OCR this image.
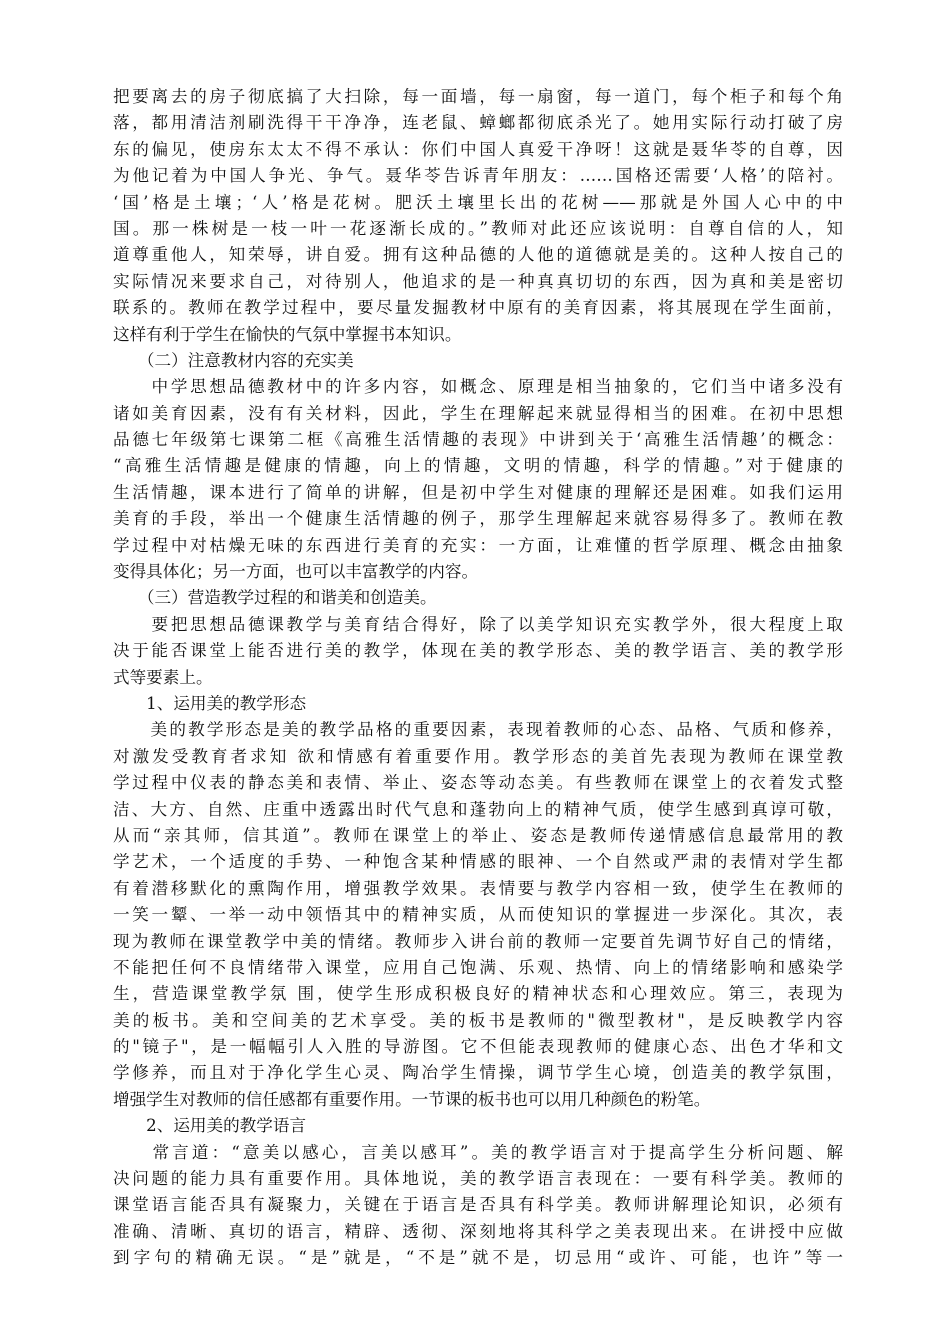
把要离去的房子彻底搞了大扫除，每一面墙，每一扇窗，每一道门，每个柜子和每个角
落，都用清洁剂刷洗得干干净净，连老鼠、蟑螂都彻底杀光了。她用实际行动打破了房
东的偏见，使房东太太不得不承认：你们中国人真爱干净呀！这就是聂华苓的自尊，因
为他记着为中国人争光、争气。聂华苓告诉青年朋友：……国格还需要‘人格’的陪衬。
‘国’格是土壤；‘人’格是花树。肥沃土壤里长出的花树——那就是外国人心中的中
国。那一株树是一枝一叶一花逐渐长成的。”教师对此还应该说明：自尊自信的人，知
道尊重他人，知荣辱，讲自爱。拥有这种品德的人他的道德就是美的。这种人按自己的
实际情况来要求自己，对待别人，他追求的是一种真真切切的东西，因为真和美是密切
联系的。教师在教学过程中，要尽量发掘教材中原有的美育因素，将其展现在学生面前，
这样有利于学生在愉快的气氛中掌握书本知识。
　　（二）注意教材内容的充实美
　　中学思想品德教材中的许多内容，如概念、原理是相当抽象的，它们当中诸多没有
诸如美育因素，没有有关材料，因此，学生在理解起来就显得相当的困难。在初中思想
品德七年级第七课第二框《高雅生活情趣的表现》中讲到关于‘高雅生活情趣’的概念：
“高雅生活情趣是健康的情趣，向上的情趣，文明的情趣，科学的情趣。”对于健康的
生活情趣，课本进行了简单的讲解，但是初中学生对健康的理解还是困难。如我们运用
美育的手段，举出一个健康生活情趣的例子，那学生理解起来就容易得多了。教师在教
学过程中对枯燥无味的东西进行美育的充实：一方面，让难懂的哲学原理、概念由抽象
变得具体化；另一方面，也可以丰富教学的内容。
　　（三）营造教学过程的和谐美和创造美。
　　要把思想品德课教学与美育结合得好，除了以美学知识充实教学外，很大程度上取
决于能否课堂上能否进行美的教学，体现在美的教学形态、美的教学语言、美的教学形
式等要素上。
　　1、运用美的教学形态
　　美的教学形态是美的教学品格的重要因素，表现着教师的心态、品格、气质和修养，
对激发受教育者求知 欲和情感有着重要作用。教学形态的美首先表现为教师在课堂教
学过程中仪表的静态美和表情、举止、姿态等动态美。有些教师在课堂上的衣着发式整
洁、大方、自然、庄重中透露出时代气息和蓬勃向上的精神气质，使学生感到真谆可敬，
从而“亲其师，信其道”。教师在课堂上的举止、姿态是教师传递情感信息最常用的教
学艺术，一个适度的手势、一种饱含某种情感的眼神、一个自然或严肃的表情对学生都
有着潜移默化的熏陶作用，增强教学效果。表情要与教学内容相一致，使学生在教师的
一笑一颦、一举一动中领悟其中的精神实质，从而使知识的掌握进一步深化。其次，表
现为教师在课堂教学中美的情绪。教师步入讲台前的教师一定要首先调节好自己的情绪，
不能把任何不良情绪带入课堂，应用自己饱满、乐观、热情、向上的情绪影响和感染学
生，营造课堂教学氛 围，使学生形成积极良好的精神状态和心理效应。第三，表现为
美的板书。美和空间美的艺术享受。美的板书是教师的"微型教材"，是反映教学内容
的"镜子"，是一幅幅引人入胜的导游图。它不但能表现教师的健康心态、出色才华和文
学修养，而且对于净化学生心灵、陶冶学生情操，调节学生心境，创造美的教学氛围，
增强学生对教师的信任感都有重要作用。一节课的板书也可以用几种颜色的粉笔。
　　2、运用美的教学语言
　　常言道：“意美以感心，言美以感耳”。美的教学语言对于提高学生分析问题、解
决问题的能力具有重要作用。具体地说，美的教学语言表现在：一要有科学美。教师的
课堂语言能否具有凝聚力，关键在于语言是否具有科学美。教师讲解理论知识，必须有
准确、清晰、真切的语言，精辟、透彻、深刻地将其科学之美表现出来。在讲授中应做
到字句的精确无误。“是”就是，“不是”就不是，切忌用“或许、可能，也许”等一
